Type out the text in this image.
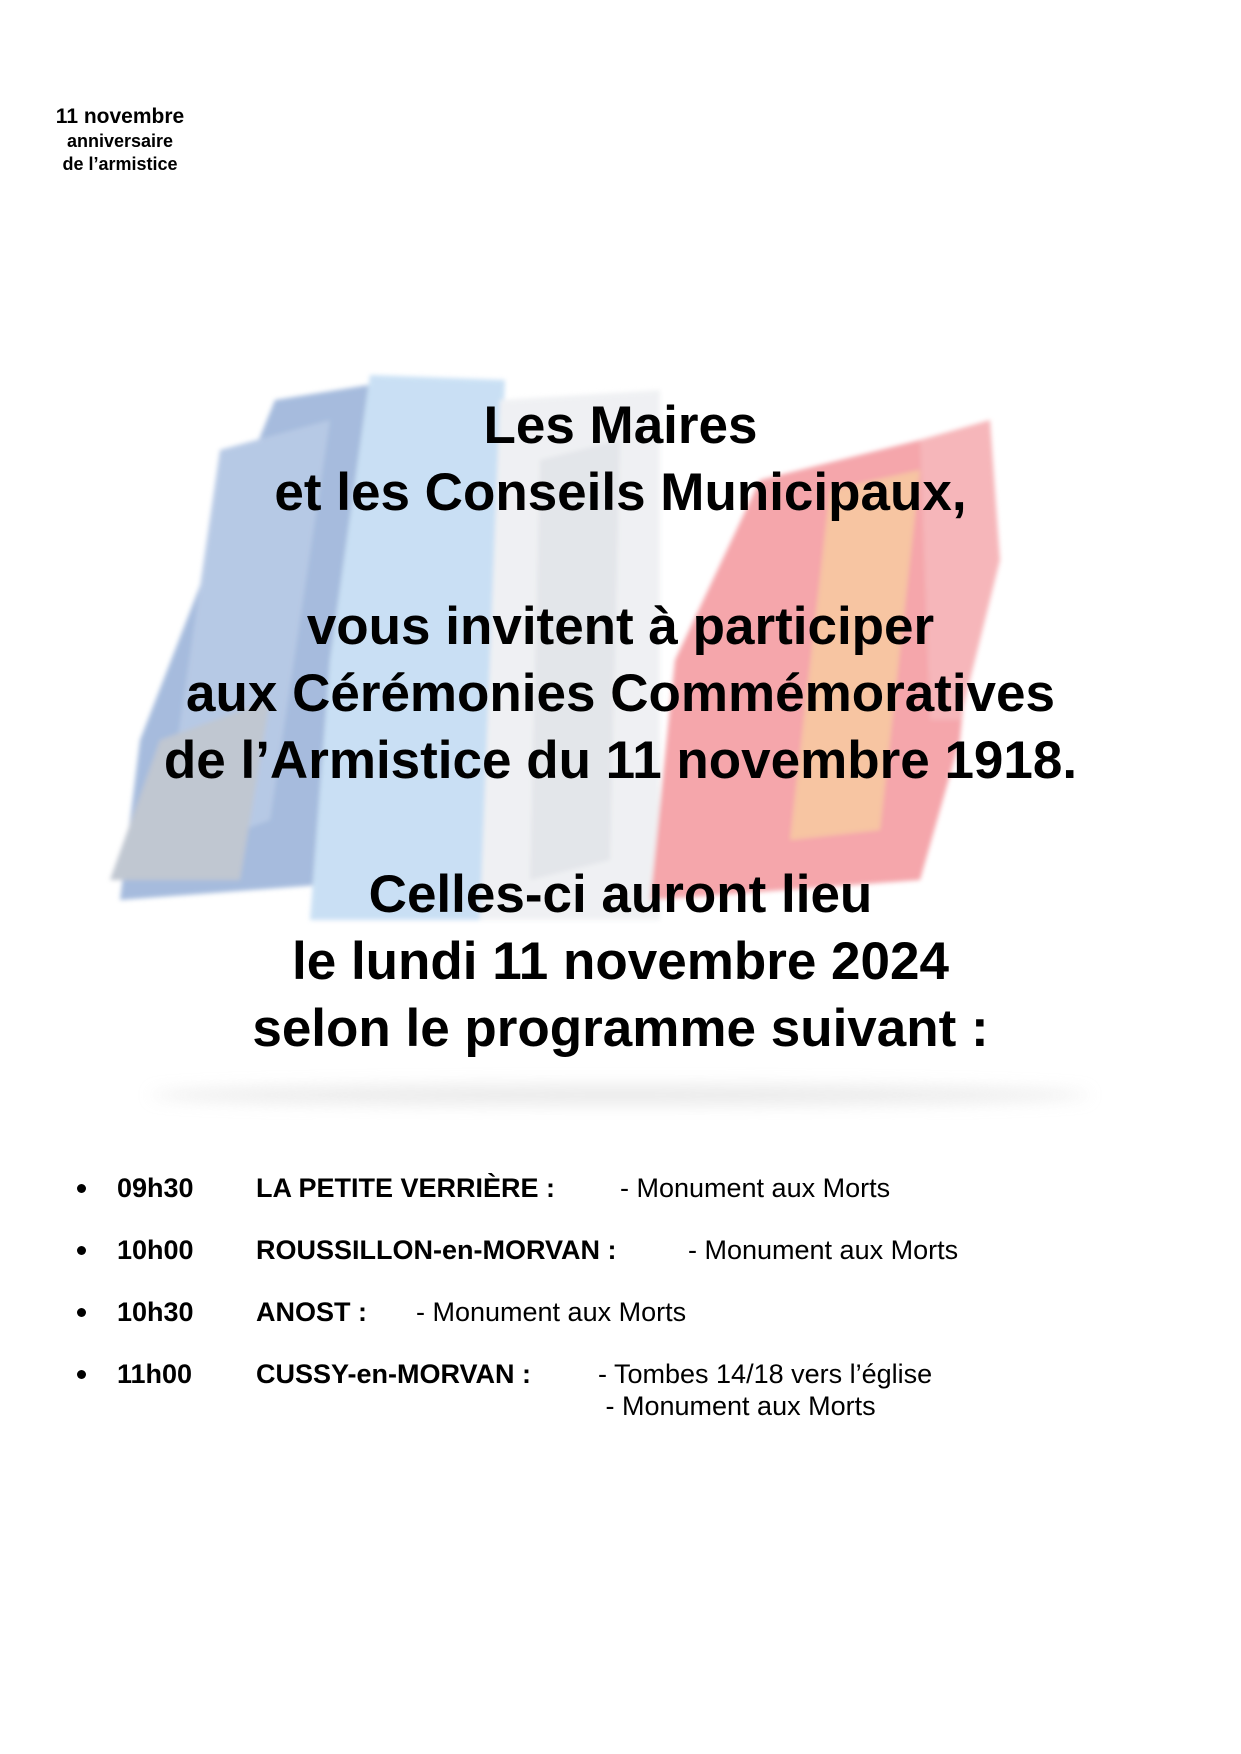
11 novembre
anniversaire
de l’armistice
Les Maires
et les Conseils Municipaux,
vous invitent à participer
aux Cérémonies Commémoratives
de l’Armistice du 11 novembre 1918.
Celles-ci auront lieu
le lundi 11 novembre 2024
selon le programme suivant :
09h30 LA PETITE VERRIÈRE : - Monument aux Morts
10h00 ROUSSILLON-en-MORVAN :	- Monument aux Morts
10h30 ANOST : - Monument aux Morts
11h00 CUSSY-en-MORVAN : - Tombes 14/18 vers l’église
- Monument aux Morts
